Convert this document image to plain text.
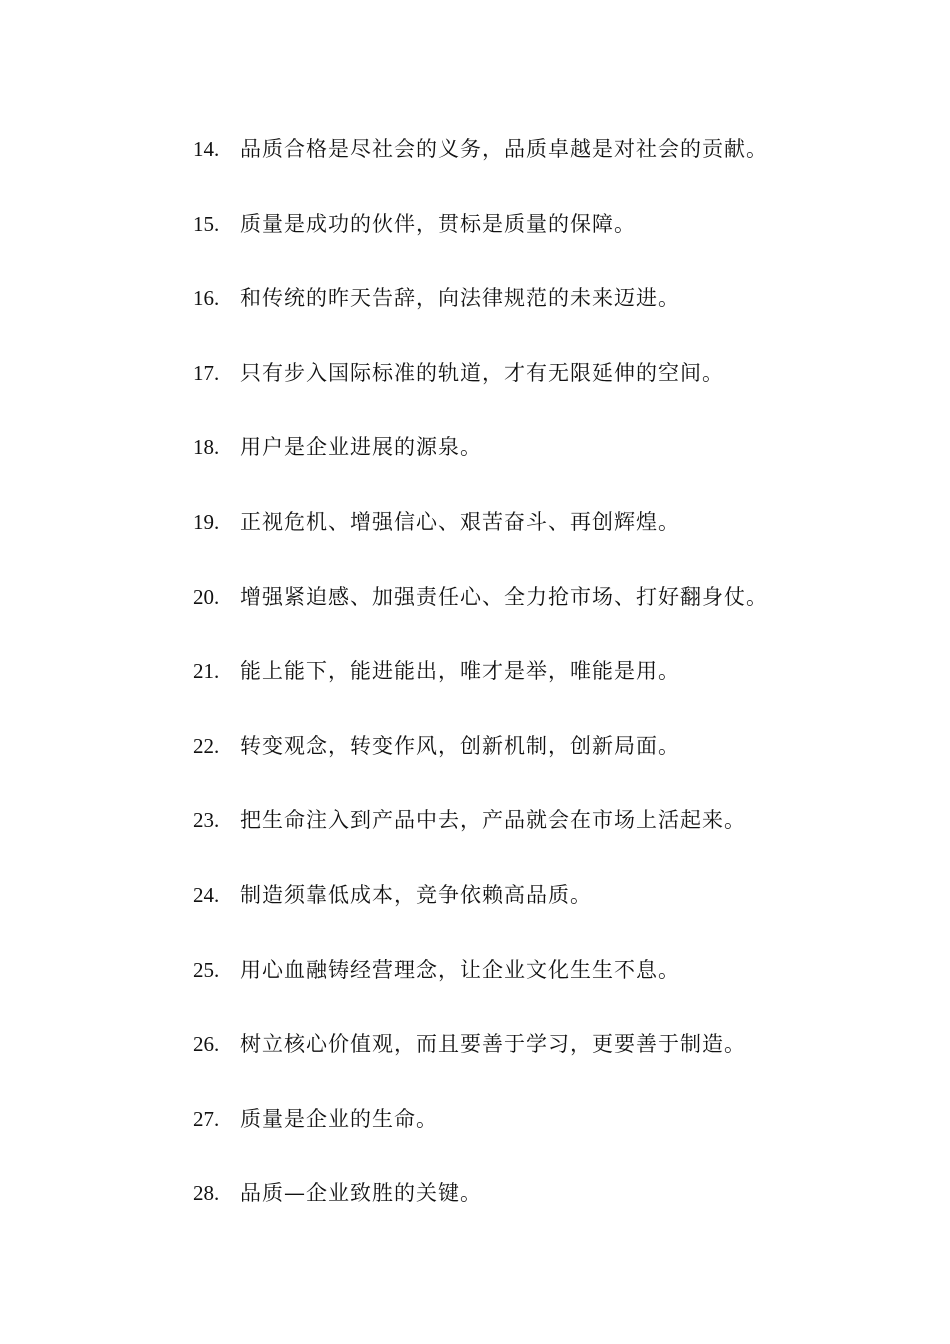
14. 品质合格是尽社会的义务，品质卓越是对社会的贡献。
15. 质量是成功的伙伴，贯标是质量的保障。
16. 和传统的昨天告辞，向法律规范的未来迈进。
17. 只有步入国际标准的轨道，才有无限延伸的空间。
18. 用户是企业进展的源泉。
19. 正视危机、增强信心、艰苦奋斗、再创辉煌。
20. 增强紧迫感、加强责任心、全力抢市场、打好翻身仗。
21. 能上能下，能进能出，唯才是举，唯能是用。
22. 转变观念，转变作风，创新机制，创新局面。
23. 把生命注入到产品中去，产品就会在市场上活起来。
24. 制造须靠低成本，竞争依赖高品质。
25. 用心血融铸经营理念，让企业文化生生不息。
26. 树立核心价值观，而且要善于学习，更要善于制造。
27. 质量是企业的生命。
28. 品质—企业致胜的关键。
